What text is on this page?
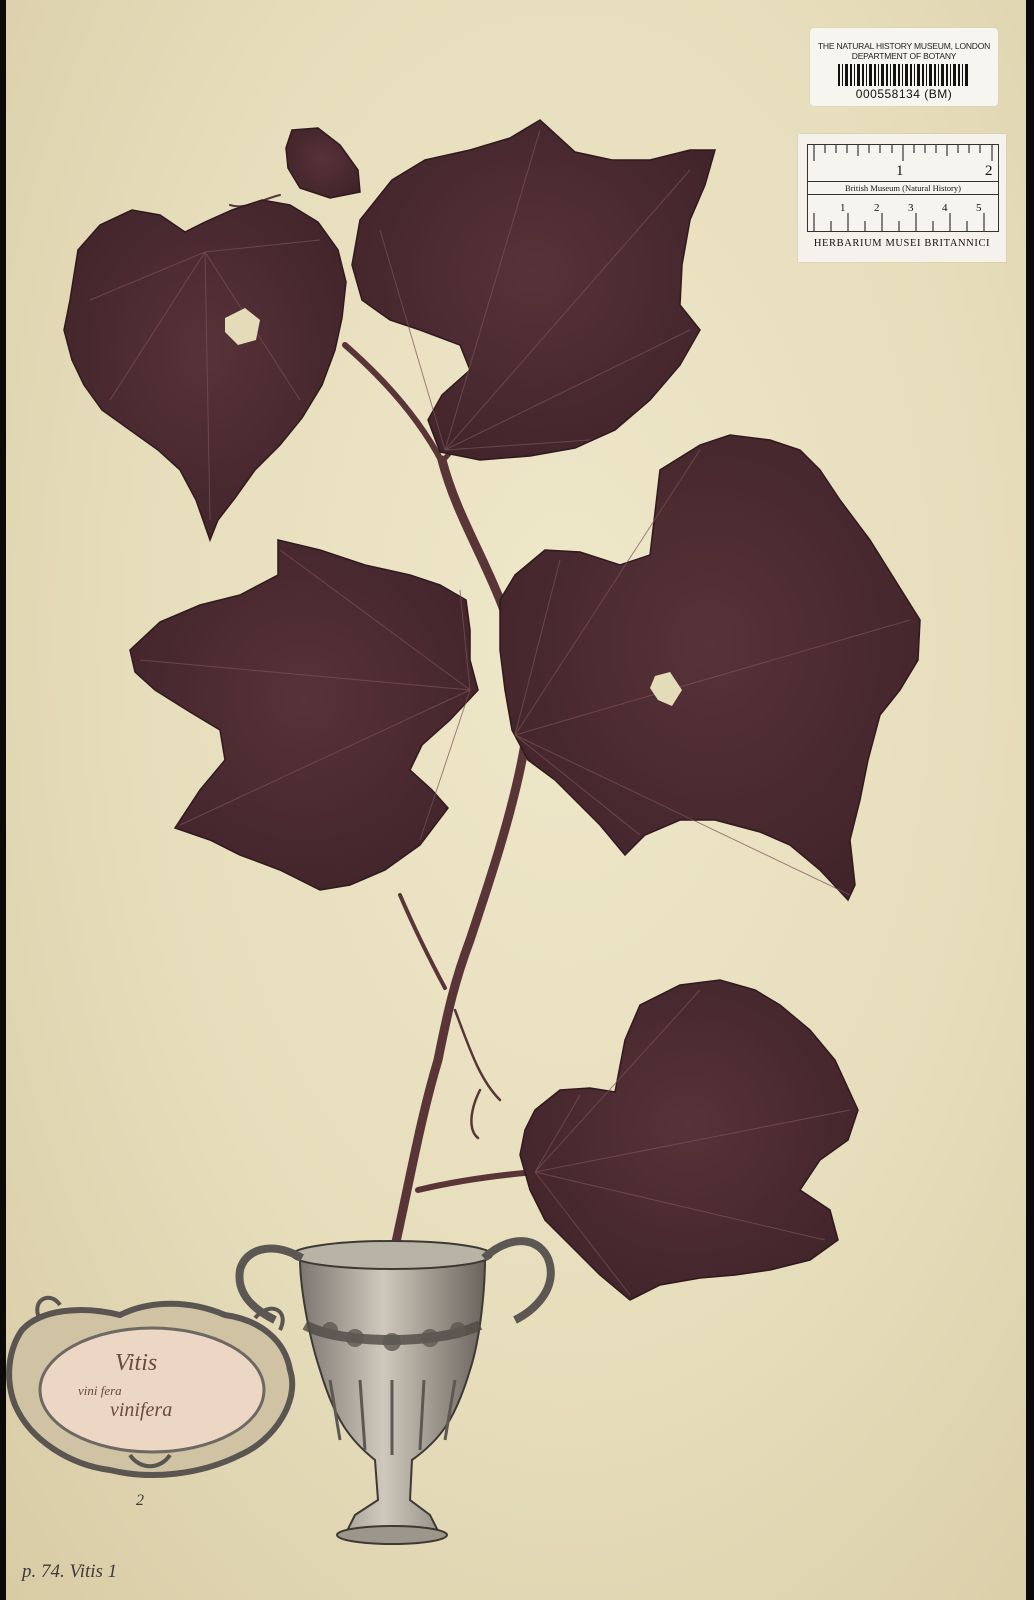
Vitis
vini fera
vinifera
2
p. 74. Vitis 1
THE NATURAL HISTORY MUSEUM, LONDON
DEPARTMENT OF BOTANY
000558134 (BM)
1	2
1	2	3	4	5
British Museum (Natural History)
HERBARIUM MUSEI BRITANNICI
